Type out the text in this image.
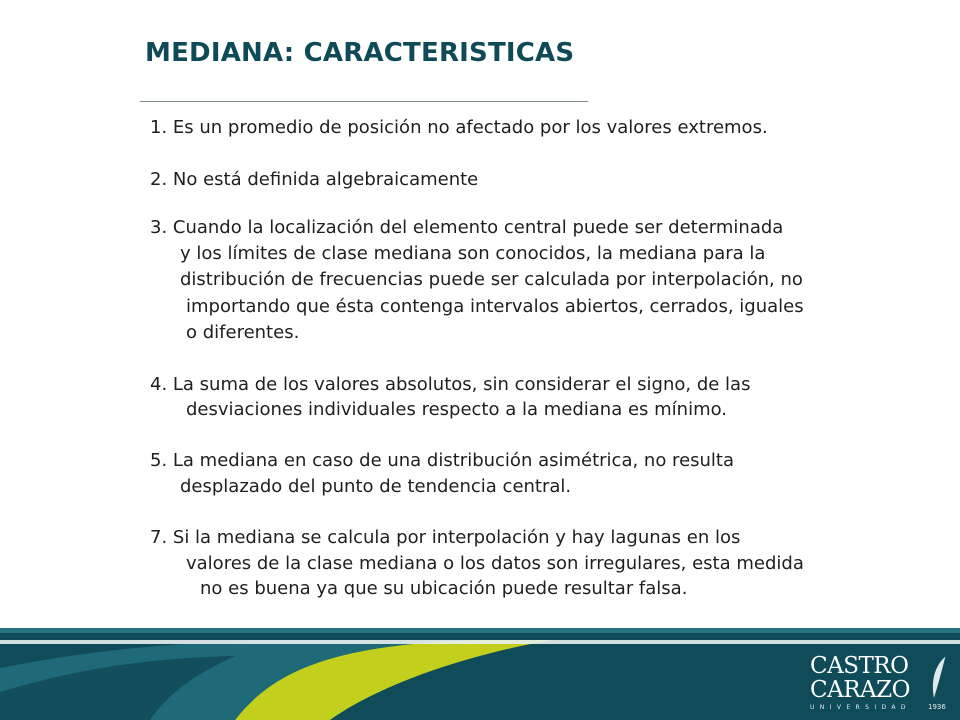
MEDIANA: CARACTERISTICAS
1. Es un promedio de posición no afectado por los valores extremos.
2. No está definida algebraicamente
3. Cuando la localización del elemento central puede ser determinada
y los límites de clase mediana son conocidos, la mediana para la
distribución de frecuencias puede ser calculada por interpolación, no
importando que ésta contenga intervalos abiertos, cerrados, iguales
o diferentes.
4. La suma de los valores absolutos, sin considerar el signo, de las
desviaciones individuales respecto a la mediana es mínimo.
5. La mediana en caso de una distribución asimétrica, no resulta
desplazado del punto de tendencia central.
7. Si la mediana se calcula por interpolación y hay lagunas en los
valores de la clase mediana o los datos son irregulares, esta medida
no es buena ya que su ubicación puede resultar falsa.
CASTRO
CARAZO
UNIVERSIDAD 1936
